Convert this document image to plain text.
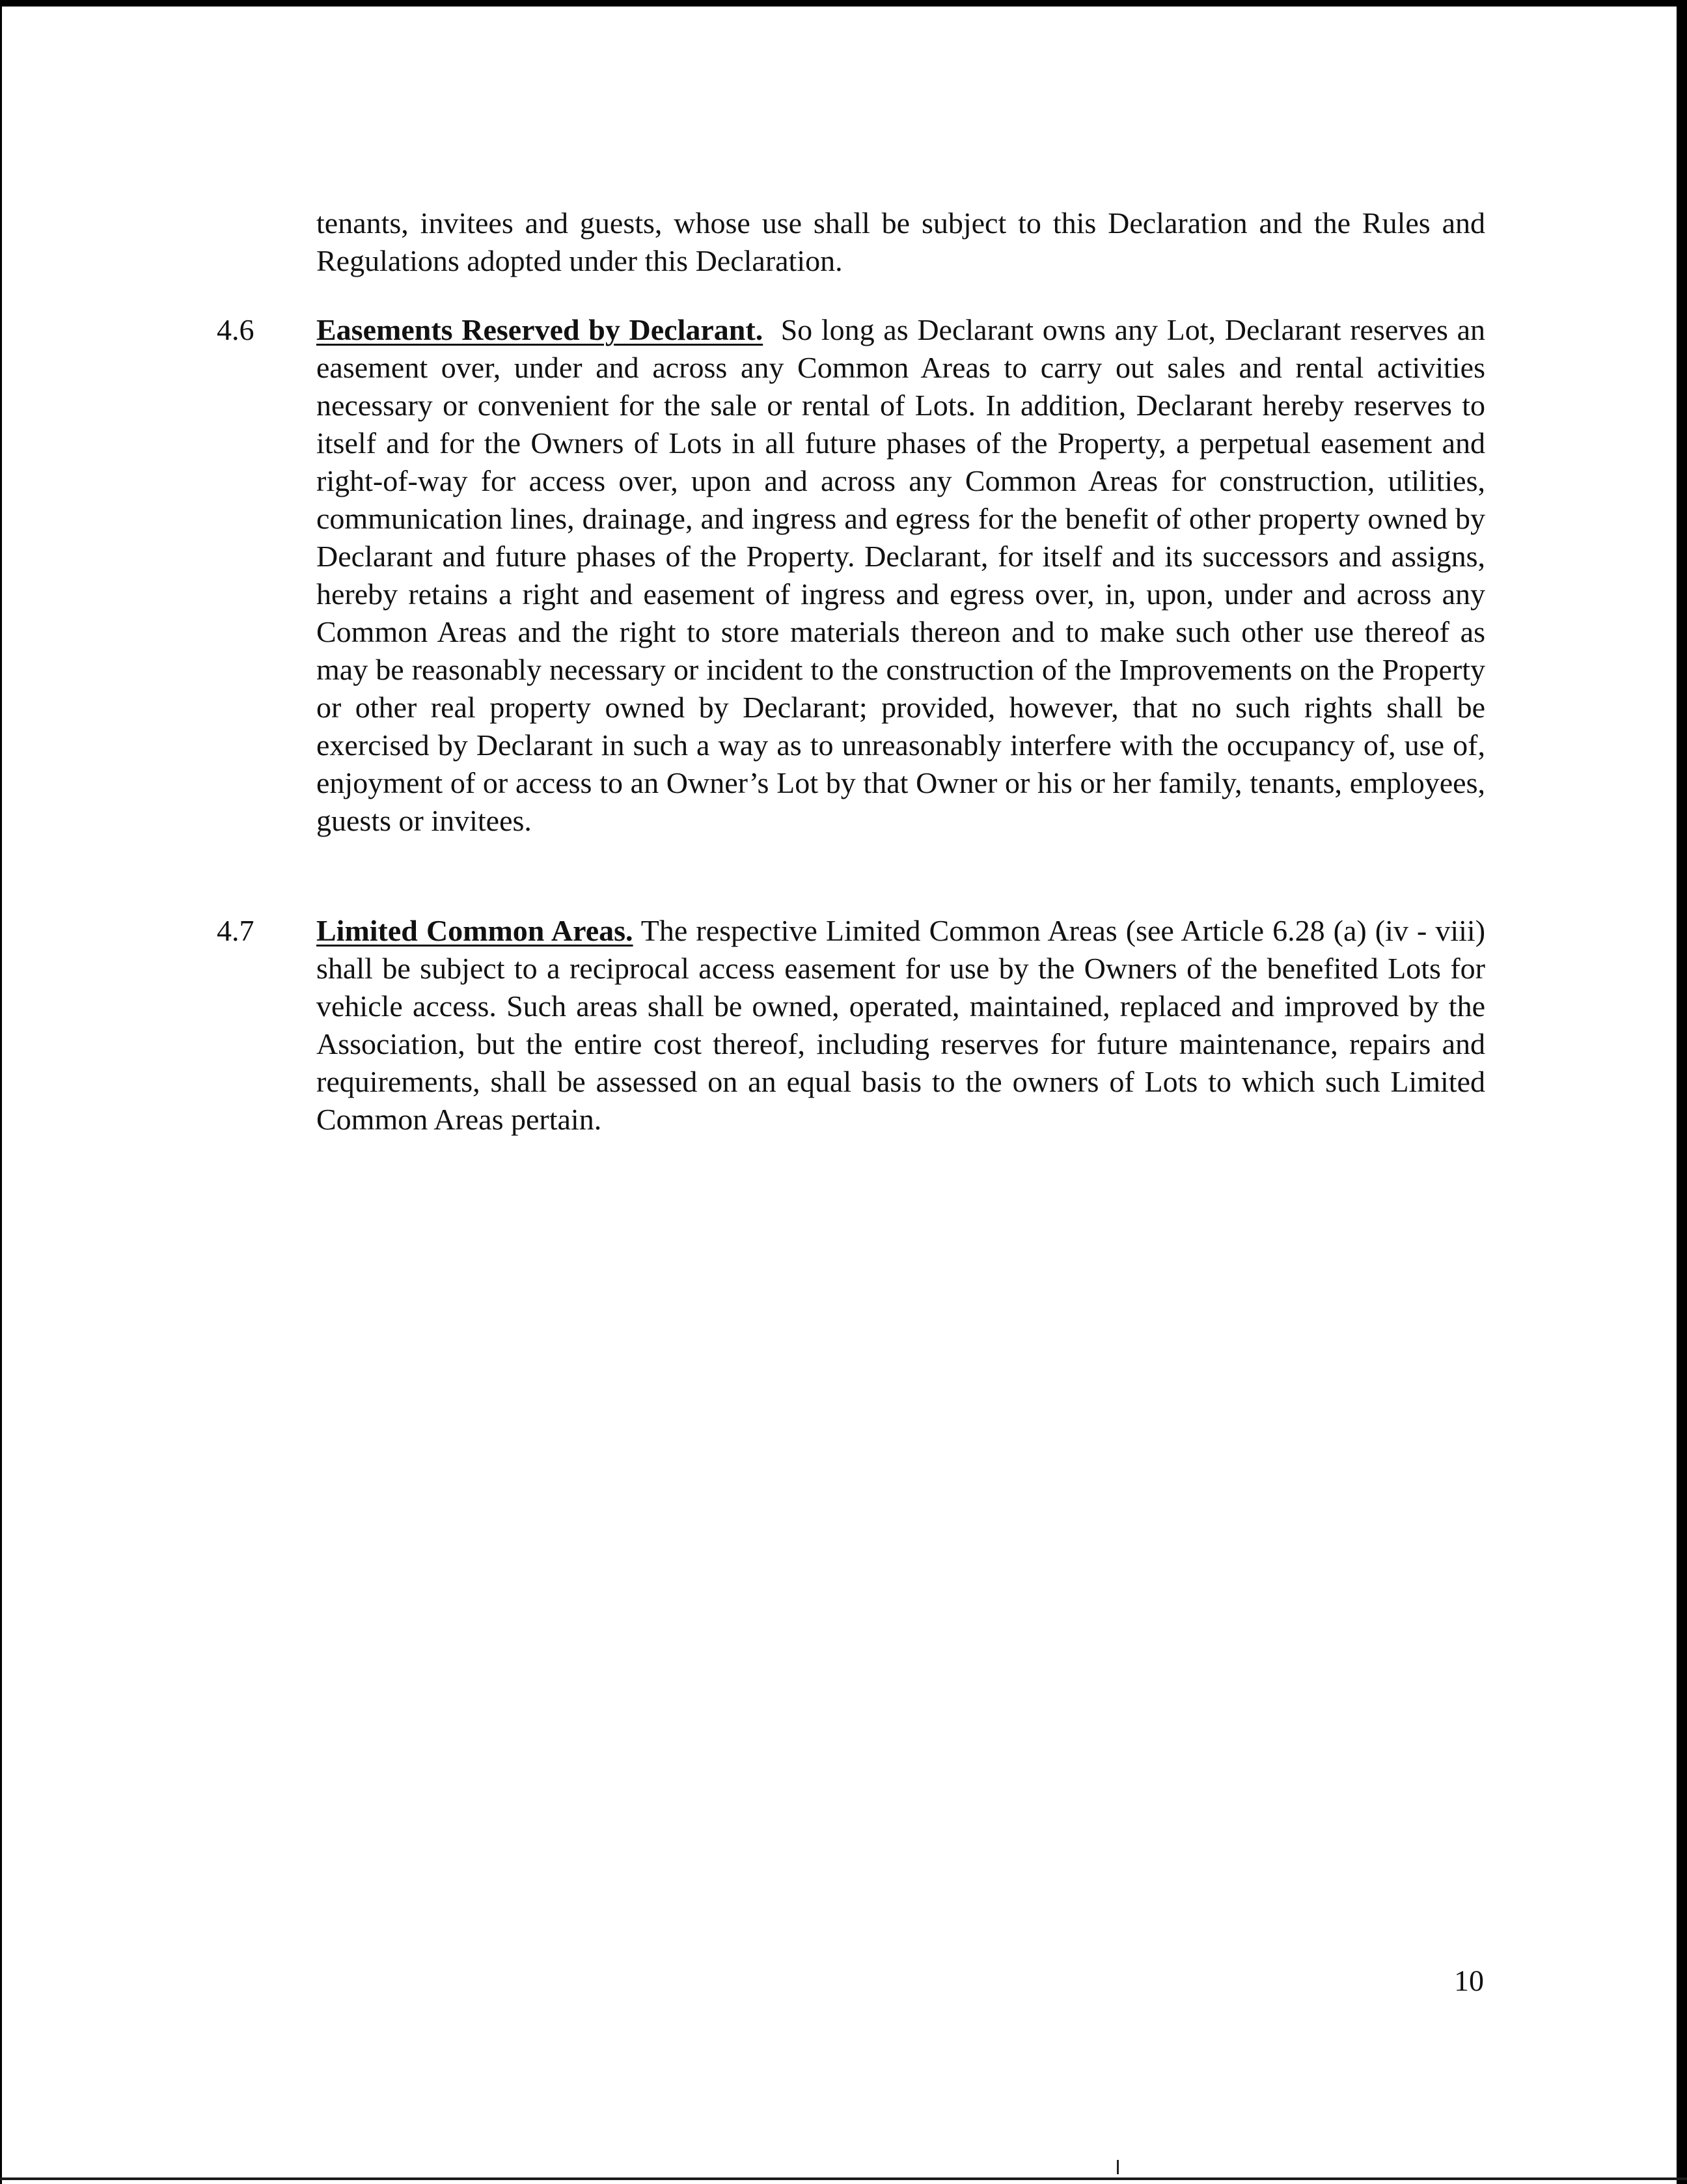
tenants, invitees and guests, whose use shall be subject to this Declaration and the Rules and Regulations adopted under this Declaration.

4.6	Easements Reserved by Declarant. So long as Declarant owns any Lot, Declarant reserves an easement over, under and across any Common Areas to carry out sales and rental activities necessary or convenient for the sale or rental of Lots. In addition, Declarant hereby reserves to itself and for the Owners of Lots in all future phases of the Property, a perpetual easement and right-of-way for access over, upon and across any Common Areas for construction, utilities, communication lines, drainage, and ingress and egress for the benefit of other property owned by Declarant and future phases of the Property. Declarant, for itself and its successors and assigns, hereby retains a right and easement of ingress and egress over, in, upon, under and across any Common Areas and the right to store materials thereon and to make such other use thereof as may be reasonably necessary or incident to the construction of the Improvements on the Property or other real property owned by Declarant; provided, however, that no such rights shall be exercised by Declarant in such a way as to unreasonably interfere with the occupancy of, use of, enjoyment of or access to an Owner’s Lot by that Owner or his or her family, tenants, employees, guests or invitees.

4.7	Limited Common Areas. The respective Limited Common Areas (see Article 6.28 (a) (iv - viii) shall be subject to a reciprocal access easement for use by the Owners of the benefited Lots for vehicle access. Such areas shall be owned, operated, maintained, replaced and improved by the Association, but the entire cost thereof, including reserves for future maintenance, repairs and requirements, shall be assessed on an equal basis to the owners of Lots to which such Limited Common Areas pertain.

10
